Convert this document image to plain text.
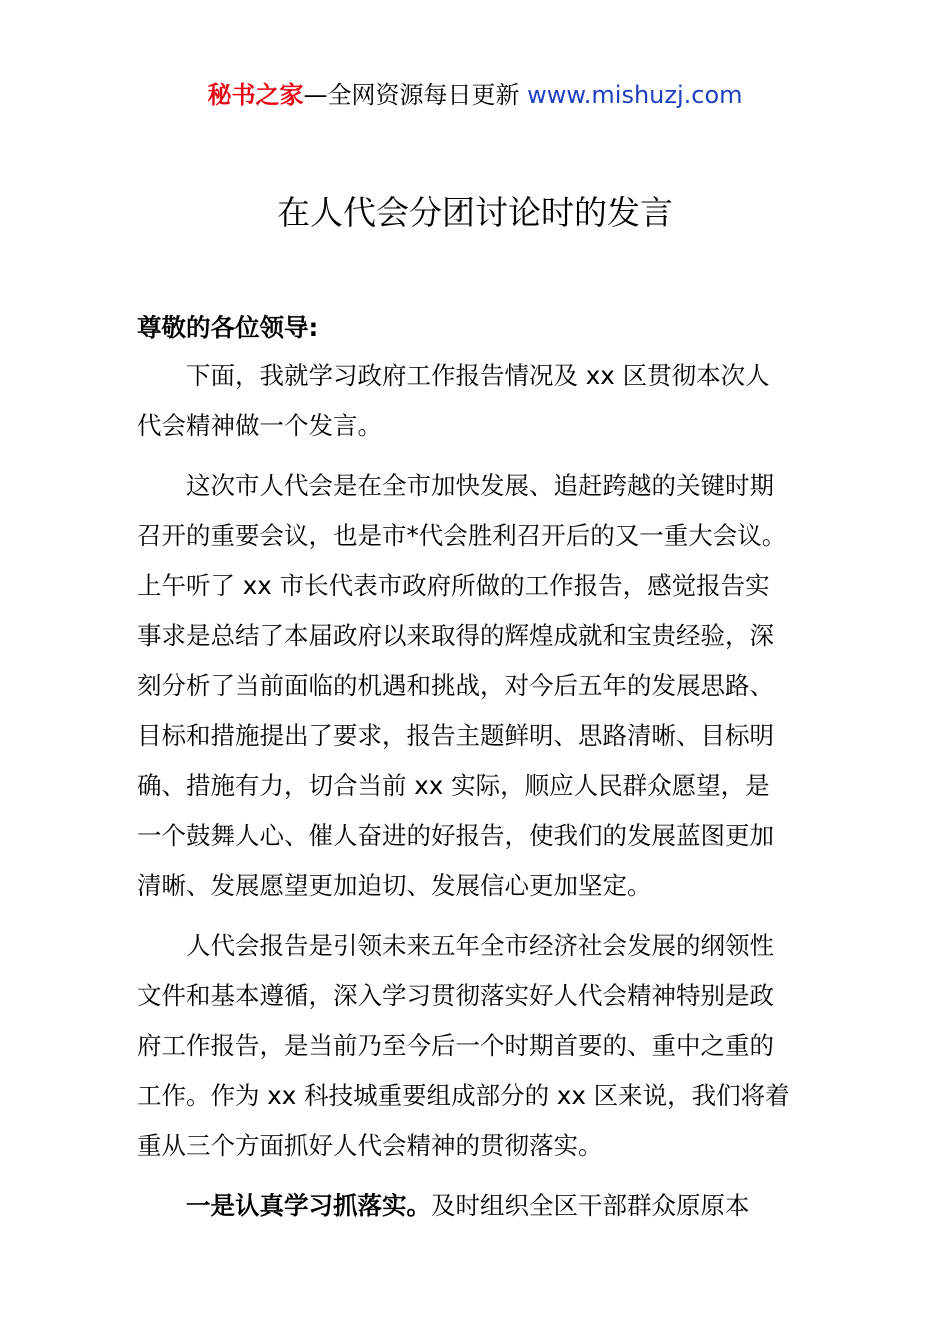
秘书之家—全网资源每日更新 www.mishuzj.com
在人代会分团讨论时的发言
尊敬的各位领导:
下面，我就学习政府工作报告情况及 xx 区贯彻本次人
代会精神做一个发言。
这次市人代会是在全市加快发展、追赶跨越的关键时期
召开的重要会议，也是市*代会胜利召开后的又一重大会议。
上午听了 xx 市长代表市政府所做的工作报告，感觉报告实
事求是总结了本届政府以来取得的辉煌成就和宝贵经验，深
刻分析了当前面临的机遇和挑战，对今后五年的发展思路、
目标和措施提出了要求，报告主题鲜明、思路清晰、目标明
确、措施有力，切合当前 xx 实际，顺应人民群众愿望，是
一个鼓舞人心、催人奋进的好报告，使我们的发展蓝图更加
清晰、发展愿望更加迫切、发展信心更加坚定。
人代会报告是引领未来五年全市经济社会发展的纲领性
文件和基本遵循，深入学习贯彻落实好人代会精神特别是政
府工作报告，是当前乃至今后一个时期首要的、重中之重的
工作。作为 xx 科技城重要组成部分的 xx 区来说，我们将着
重从三个方面抓好人代会精神的贯彻落实。
一是认真学习抓落实。及时组织全区干部群众原原本
